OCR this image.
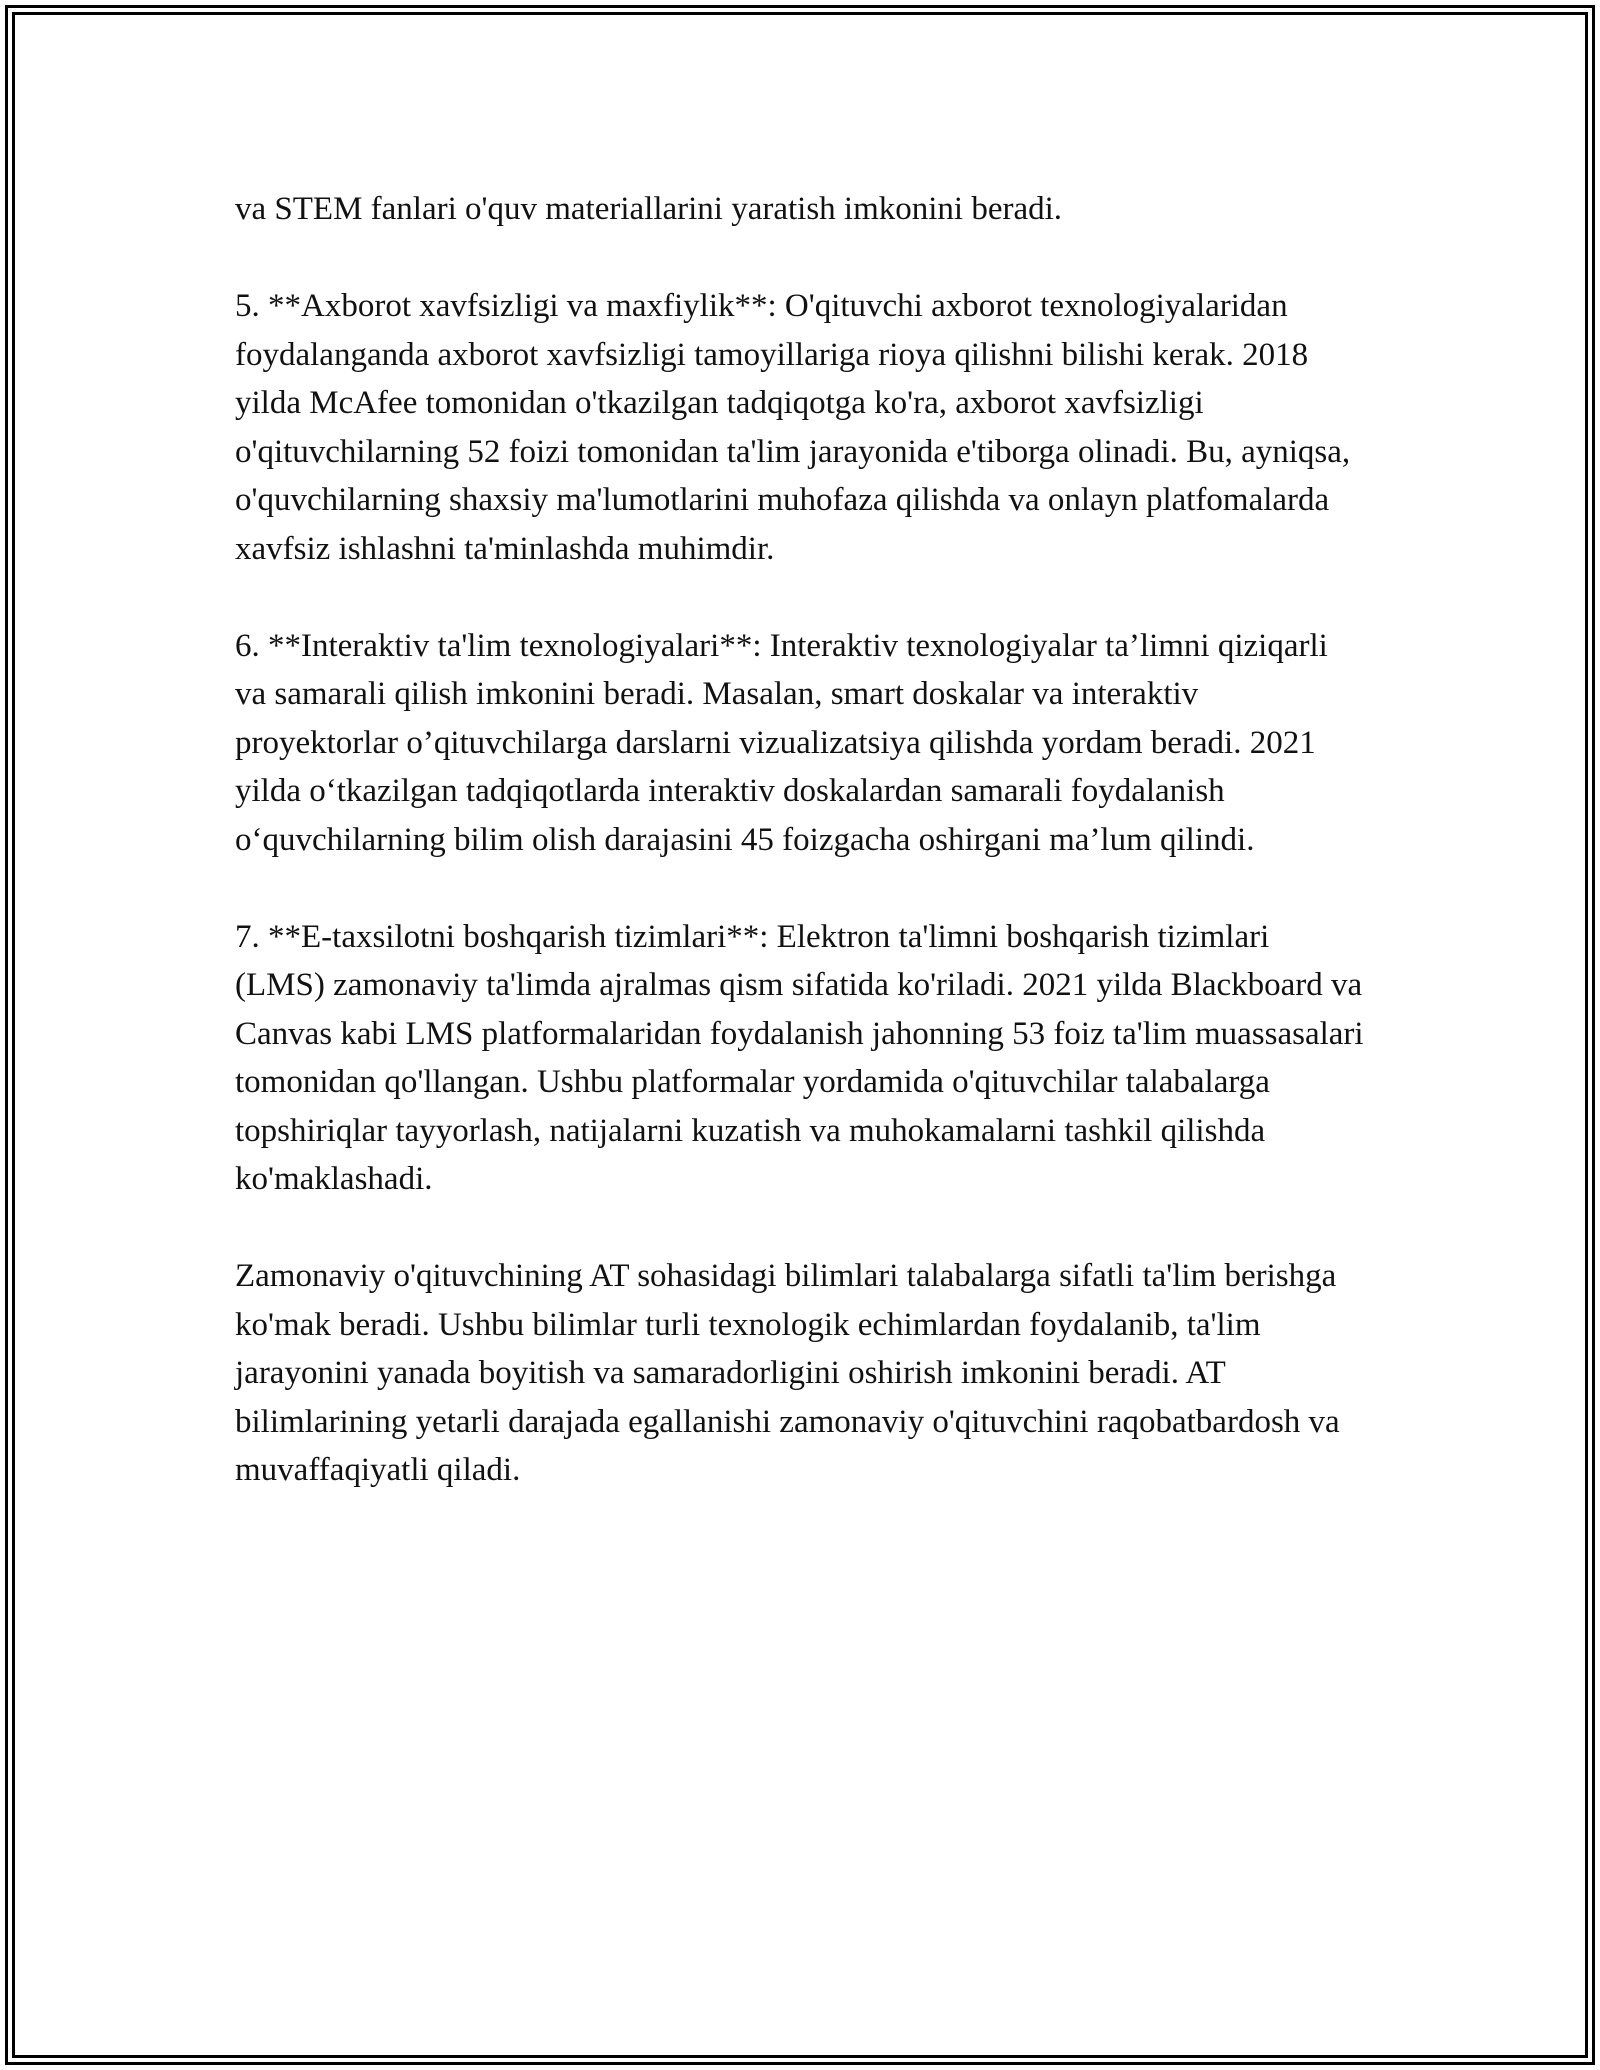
va STEM fanlari o'quv materiallarini yaratish imkonini beradi.

5. **Axborot xavfsizligi va maxfiylik**: O'qituvchi axborot texnologiyalaridan foydalanganda axborot xavfsizligi tamoyillariga rioya qilishni bilishi kerak. 2018 yilda McAfee tomonidan o'tkazilgan tadqiqotga ko'ra, axborot xavfsizligi o'qituvchilarning 52 foizi tomonidan ta'lim jarayonida e'tiborga olinadi. Bu, ayniqsa, o'quvchilarning shaxsiy ma'lumotlarini muhofaza qilishda va onlayn platfomalarda xavfsiz ishlashni ta'minlashda muhimdir.

6. **Interaktiv ta'lim texnologiyalari**: Interaktiv texnologiyalar ta’limni qiziqarli va samarali qilish imkonini beradi. Masalan, smart doskalar va interaktiv proyektorlar o’qituvchilarga darslarni vizualizatsiya qilishda yordam beradi. 2021 yilda o‘tkazilgan tadqiqotlarda interaktiv doskalardan samarali foydalanish o‘quvchilarning bilim olish darajasini 45 foizgacha oshirgani ma’lum qilindi.

7. **E-taxsilotni boshqarish tizimlari**: Elektron ta'limni boshqarish tizimlari (LMS) zamonaviy ta'limda ajralmas qism sifatida ko'riladi. 2021 yilda Blackboard va Canvas kabi LMS platformalaridan foydalanish jahonning 53 foiz ta'lim muassasalari tomonidan qo'llangan. Ushbu platformalar yordamida o'qituvchilar talabalarga topshiriqlar tayyorlash, natijalarni kuzatish va muhokamalarni tashkil qilishda ko'maklashadi.

Zamonaviy o'qituvchining AT sohasidagi bilimlari talabalarga sifatli ta'lim berishga ko'mak beradi. Ushbu bilimlar turli texnologik echimlardan foydalanib, ta'lim jarayonini yanada boyitish va samaradorligini oshirish imkonini beradi. AT bilimlarining yetarli darajada egallanishi zamonaviy o'qituvchini raqobatbardosh va muvaffaqiyatli qiladi.
